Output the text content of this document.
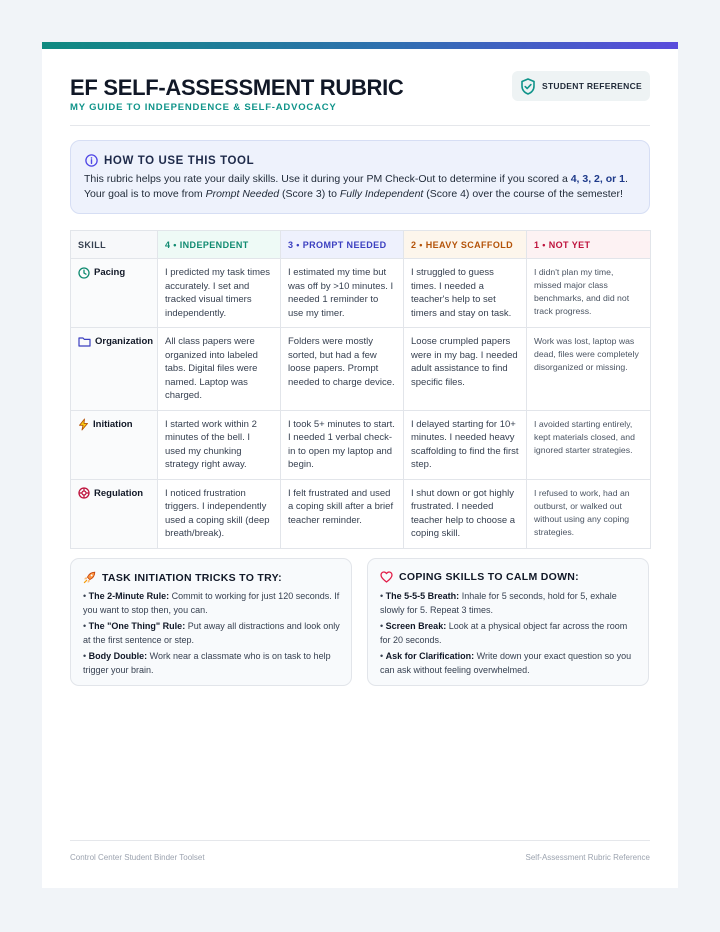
EF SELF-ASSESSMENT RUBRIC
MY GUIDE TO INDEPENDENCE & SELF-ADVOCACY
STUDENT REFERENCE
HOW TO USE THIS TOOL
This rubric helps you rate your daily skills. Use it during your PM Check-Out to determine if you scored a 4, 3, 2, or 1.
Your goal is to move from Prompt Needed (Score 3) to Fully Independent (Score 4) over the course of the semester!
SKILL	4 • INDEPENDENT	3 • PROMPT NEEDED	2 • HEAVY SCAFFOLD	1 • NOT YET

Pacing	I predicted my task times accurately. I set and tracked visual timers independently.	I estimated my time but was off by >10 minutes. I needed 1 reminder to use my timer.	I struggled to guess times. I needed a teacher's help to set timers and stay on task.	I didn't plan my time, missed major class benchmarks, and did not track progress.

Organization	All class papers were organized into labeled tabs. Digital files were named. Laptop was charged.	Folders were mostly sorted, but had a few loose papers. Prompt needed to charge device.	Loose crumpled papers were in my bag. I needed adult assistance to find specific files.	Work was lost, laptop was dead, files were completely disorganized or missing.

Initiation	I started work within 2 minutes of the bell. I used my chunking strategy right away.	I took 5+ minutes to start. I needed 1 verbal check-in to open my laptop and begin.	I delayed starting for 10+ minutes. I needed heavy scaffolding to find the first step.	I avoided starting entirely, kept materials closed, and ignored starter strategies.

Regulation	I noticed frustration triggers. I independently used a coping skill (deep breath/break).	I felt frustrated and used a coping skill after a brief teacher reminder.	I shut down or got highly frustrated. I needed teacher help to choose a coping skill.	I refused to work, had an outburst, or walked out without using any coping strategies.
TASK INITIATION TRICKS TO TRY:
• The 2-Minute Rule: Commit to working for just 120 seconds. If you want to stop then, you can.
• The "One Thing" Rule: Put away all distractions and look only at the first sentence or step.
• Body Double: Work near a classmate who is on task to help trigger your brain.
COPING SKILLS TO CALM DOWN:
• The 5-5-5 Breath: Inhale for 5 seconds, hold for 5, exhale slowly for 5. Repeat 3 times.
• Screen Break: Look at a physical object far across the room for 20 seconds.
• Ask for Clarification: Write down your exact question so you can ask without feeling overwhelmed.
Control Center Student Binder Toolset	Self-Assessment Rubric Reference
